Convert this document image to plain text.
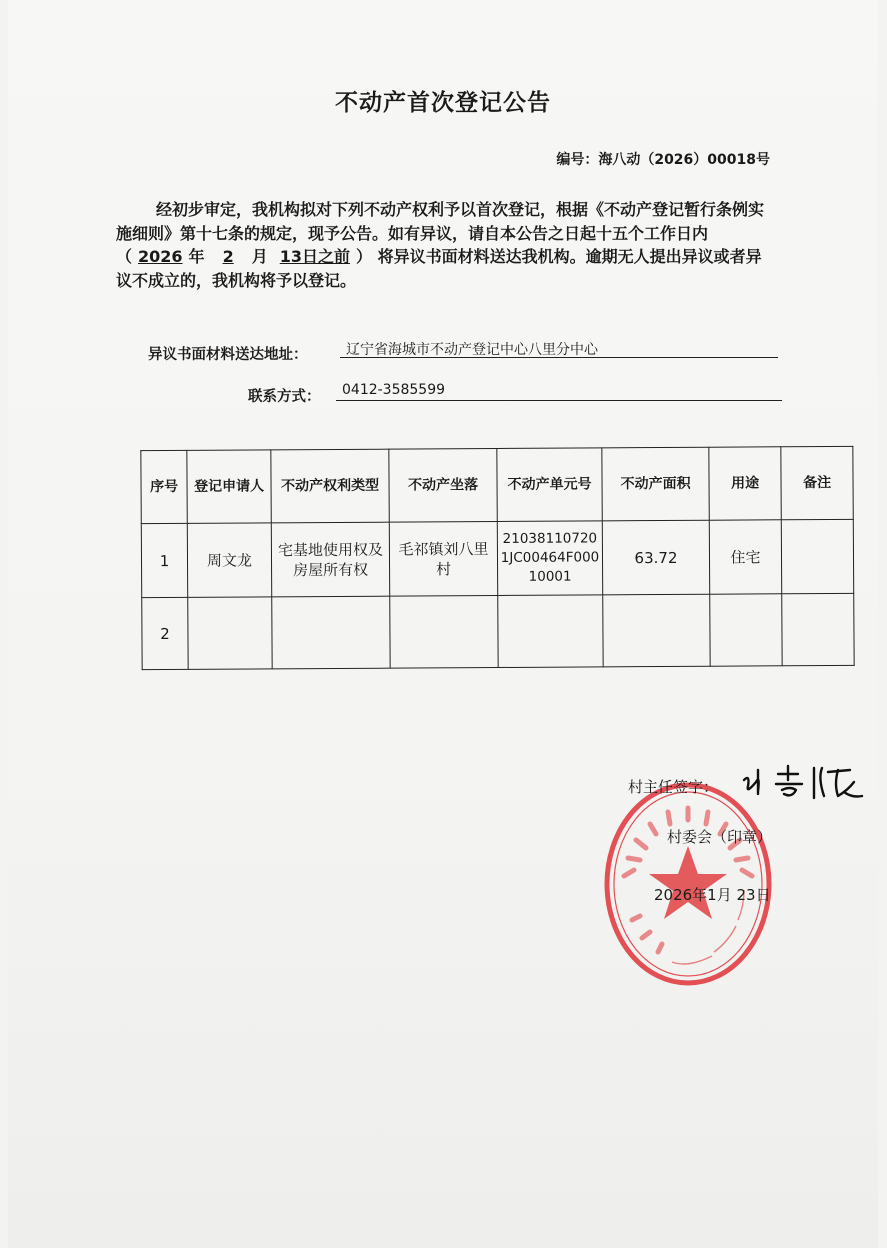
不动产首次登记公告
编号：海八动（2026）00018号
经初步审定，我机构拟对下列不动产权利予以首次登记，根据《不动产登记暂行条例实施细则》第十七条的规定，现予公告。如有异议，请自本公告之日起十五个工作日内（ 2026 年 2 月 13日之前 ） 将异议书面材料送达我机构。逾期无人提出异议或者异议不成立的，我机构将予以登记。
异议书面材料送达地址：	辽宁省海城市不动产登记中心八里分中心
联系方式：	0412-3585599
序号	登记申请人	不动产权利类型	不动产坐落	不动产单元号	不动产面积	用途	备注
1	周文龙	宅基地使用权及房屋所有权	毛祁镇刘八里村	210381107201JC00464F00010001	63.72	住宅	
2							
村主任签字：
村委会（印章）
2026年1月 23日
